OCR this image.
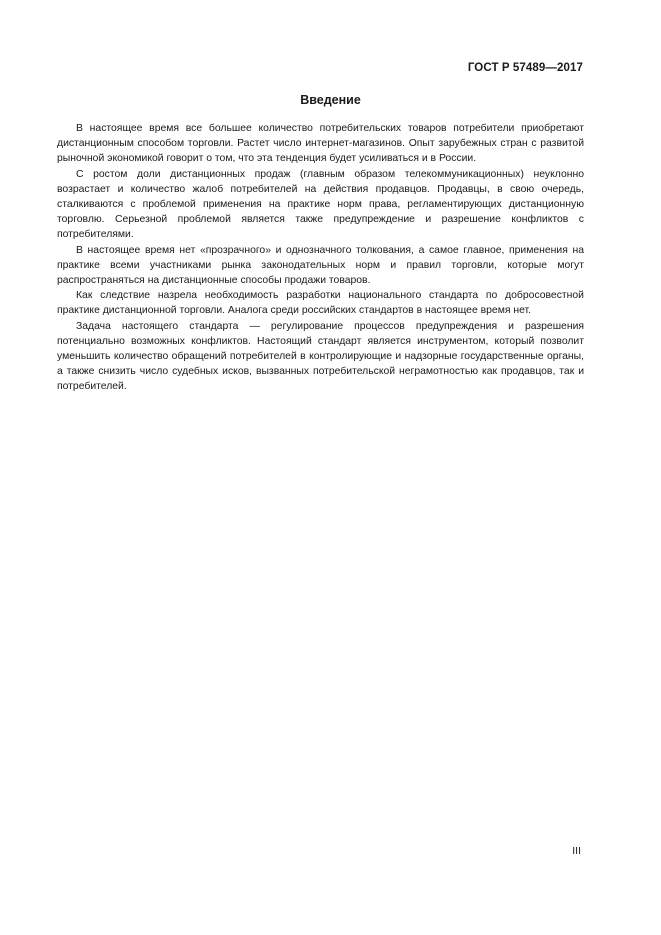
ГОСТ Р 57489—2017
Введение

В настоящее время все большее количество потребительских товаров потребители приобретают дистанционным способом торговли. Растет число интернет-магазинов. Опыт зарубежных стран с развитой рыночной экономикой говорит о том, что эта тенденция будет усиливаться и в России.

С ростом доли дистанционных продаж (главным образом телекоммуникационных) неуклонно возрастает и количество жалоб потребителей на действия продавцов. Продавцы, в свою очередь, сталкиваются с проблемой применения на практике норм права, регламентирующих дистанционную торговлю. Серьезной проблемой является также предупреждение и разрешение конфликтов с потребителями.

В настоящее время нет «прозрачного» и однозначного толкования, а самое главное, применения на практике всеми участниками рынка законодательных норм и правил торговли, которые могут распространяться на дистанционные способы продажи товаров.

Как следствие назрела необходимость разработки национального стандарта по добросовестной практике дистанционной торговли. Аналога среди российских стандартов в настоящее время нет.

Задача настоящего стандарта — регулирование процессов предупреждения и разрешения потенциально возможных конфликтов. Настоящий стандарт является инструментом, который позволит уменьшить количество обращений потребителей в контролирующие и надзорные государственные органы, а также снизить число судебных исков, вызванных потребительской неграмотностью как продавцов, так и потребителей.

III
